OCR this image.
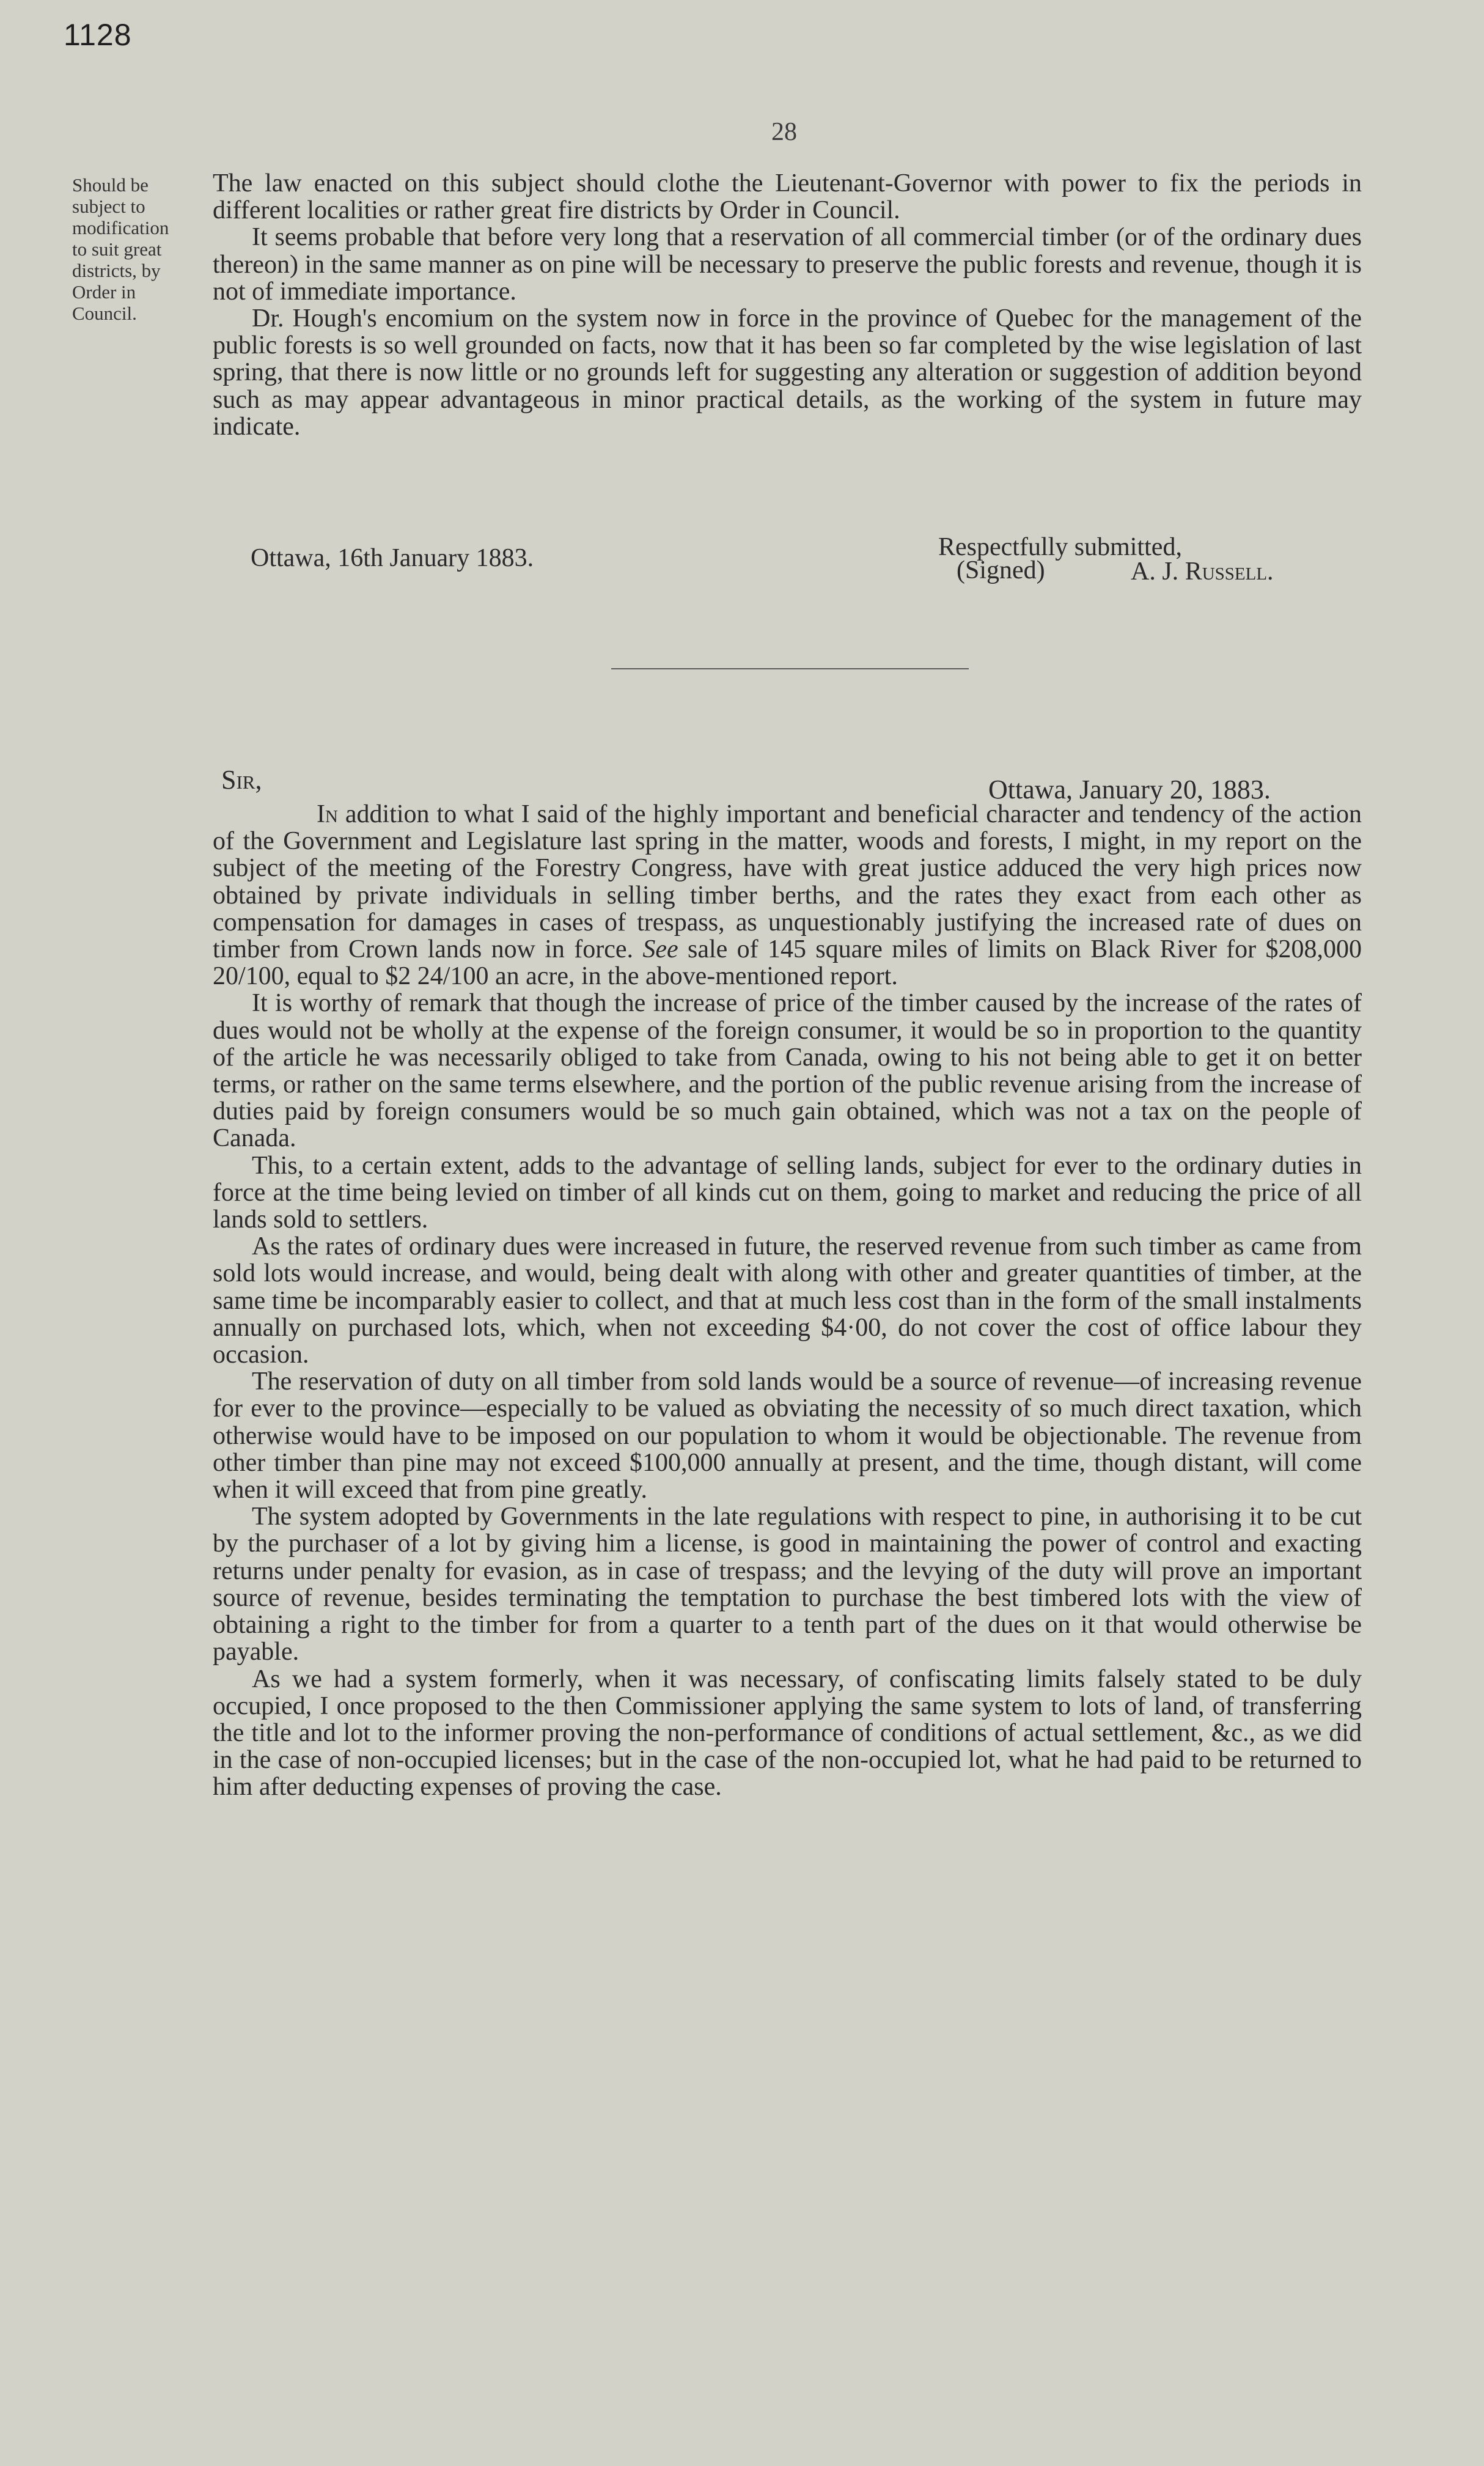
1128
28
Should be
subject to
modification
to suit great
districts, by
Order in
Council.

The law enacted on this subject should clothe the Lieutenant-Governor with power to fix the periods in different localities or rather great fire districts by Order in Council.

It seems probable that before very long that a reservation of all commercial timber (or of the ordinary dues thereon) in the same manner as on pine will be necessary to preserve the public forests and revenue, though it is not of immediate importance.

Dr. Hough's encomium on the system now in force in the province of Quebec for the management of the public forests is so well grounded on facts, now that it has been so far completed by the wise legislation of last spring, that there is now little or no grounds left for suggesting any alteration or suggestion of addition beyond such as may appear advantageous in minor practical details, as the working of the system in future may indicate.

Respectfully submitted,
Ottawa, 16th January 1883.	(Signed)	A. J. Russell.
Sir,	Ottawa, January 20, 1883.

In addition to what I said of the highly important and beneficial character and tendency of the action of the Government and Legislature last spring in the matter, woods and forests, I might, in my report on the subject of the meeting of the Forestry Congress, have with great justice adduced the very high prices now obtained by private individuals in selling timber berths, and the rates they exact from each other as compensation for damages in cases of trespass, as unquestionably justifying the increased rate of dues on timber from Crown lands now in force. See sale of 145 square miles of limits on Black River for $208,000 20/100, equal to $2 24/100 an acre, in the above-mentioned report.

It is worthy of remark that though the increase of price of the timber caused by the increase of the rates of dues would not be wholly at the expense of the foreign consumer, it would be so in proportion to the quantity of the article he was necessarily obliged to take from Canada, owing to his not being able to get it on better terms, or rather on the same terms elsewhere, and the portion of the public revenue arising from the increase of duties paid by foreign consumers would be so much gain obtained, which was not a tax on the people of Canada.

This, to a certain extent, adds to the advantage of selling lands, subject for ever to the ordinary duties in force at the time being levied on timber of all kinds cut on them, going to market and reducing the price of all lands sold to settlers.

As the rates of ordinary dues were increased in future, the reserved revenue from such timber as came from sold lots would increase, and would, being dealt with along with other and greater quantities of timber, at the same time be incomparably easier to collect, and that at much less cost than in the form of the small instalments annually on purchased lots, which, when not exceeding $4·00, do not cover the cost of office labour they occasion.

The reservation of duty on all timber from sold lands would be a source of revenue—of increasing revenue for ever to the province—especially to be valued as obviating the necessity of so much direct taxation, which otherwise would have to be imposed on our population to whom it would be objectionable. The revenue from other timber than pine may not exceed $100,000 annually at present, and the time, though distant, will come when it will exceed that from pine greatly.

The system adopted by Governments in the late regulations with respect to pine, in authorising it to be cut by the purchaser of a lot by giving him a license, is good in maintaining the power of control and exacting returns under penalty for evasion, as in case of trespass; and the levying of the duty will prove an important source of revenue, besides terminating the temptation to purchase the best timbered lots with the view of obtaining a right to the timber for from a quarter to a tenth part of the dues on it that would otherwise be payable.

As we had a system formerly, when it was necessary, of confiscating limits falsely stated to be duly occupied, I once proposed to the then Commissioner applying the same system to lots of land, of transferring the title and lot to the informer proving the non-performance of conditions of actual settlement, &c., as we did in the case of non-occupied licenses; but in the case of the non-occupied lot, what he had paid to be returned to him after deducting expenses of proving the case.
